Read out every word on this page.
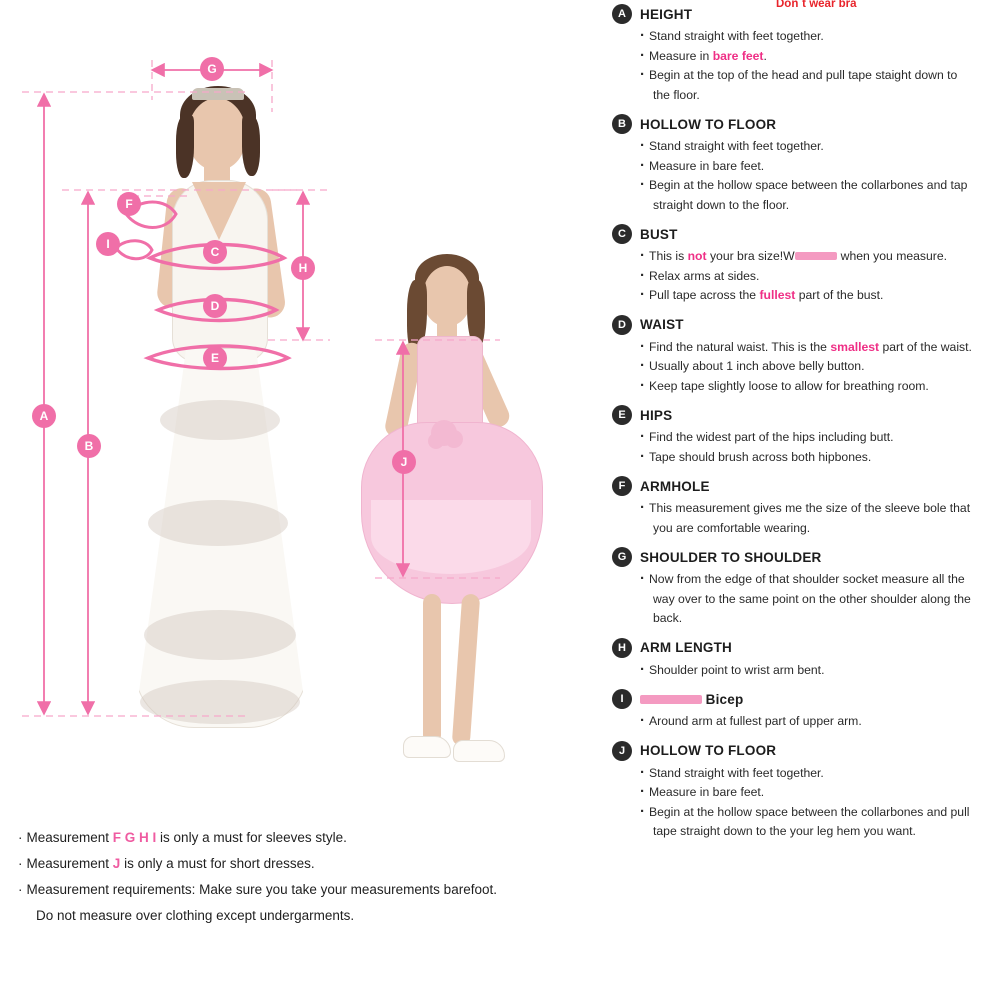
G
F
I
C
D
E
H
A
B
J
· Measurement F G H I is only a must for sleeves style.
· Measurement J is only a must for short dresses.
· Measurement requirements: Make sure you take your measurements barefoot.
Do not measure over clothing except undergarments.
A	HEIGHT
· Stand straight with feet together.
· Measure in bare feet.
· Begin at the top of the head and pull tape staight down to
the floor.
B	HOLLOW TO FLOOR
· Stand straight with feet together.
· Measure in bare feet.
· Begin at the hollow space between the collarbones and tap
straight down to the floor.
C	BUST
Don´t wear bra
· This is not your bra size!W	when you measure.
· Relax arms at sides.
· Pull tape across the fullest part of the bust.
D	WAIST
· Find the natural waist. This is the smallest part of the waist.
· Usually about 1 inch above belly button.
· Keep tape slightly loose to allow for breathing room.
E	HIPS
· Find the widest part of the hips including butt.
· Tape should brush across both hipbones.
F	ARMHOLE
· This measurement gives me the size of the sleeve bole that
you are comfortable wearing.
G	SHOULDER TO SHOULDER
· Now from the edge of that shoulder socket measure all the
way over to the same point on the other shoulder along the
back.
H	ARM LENGTH
· Shoulder point to wrist arm bent.
I	Bicep
· Around arm at fullest part of upper arm.
J	HOLLOW TO FLOOR
· Stand straight with feet together.
· Measure in bare feet.
· Begin at the hollow space between the collarbones and pull
tape straight down to the your leg hem you want.
